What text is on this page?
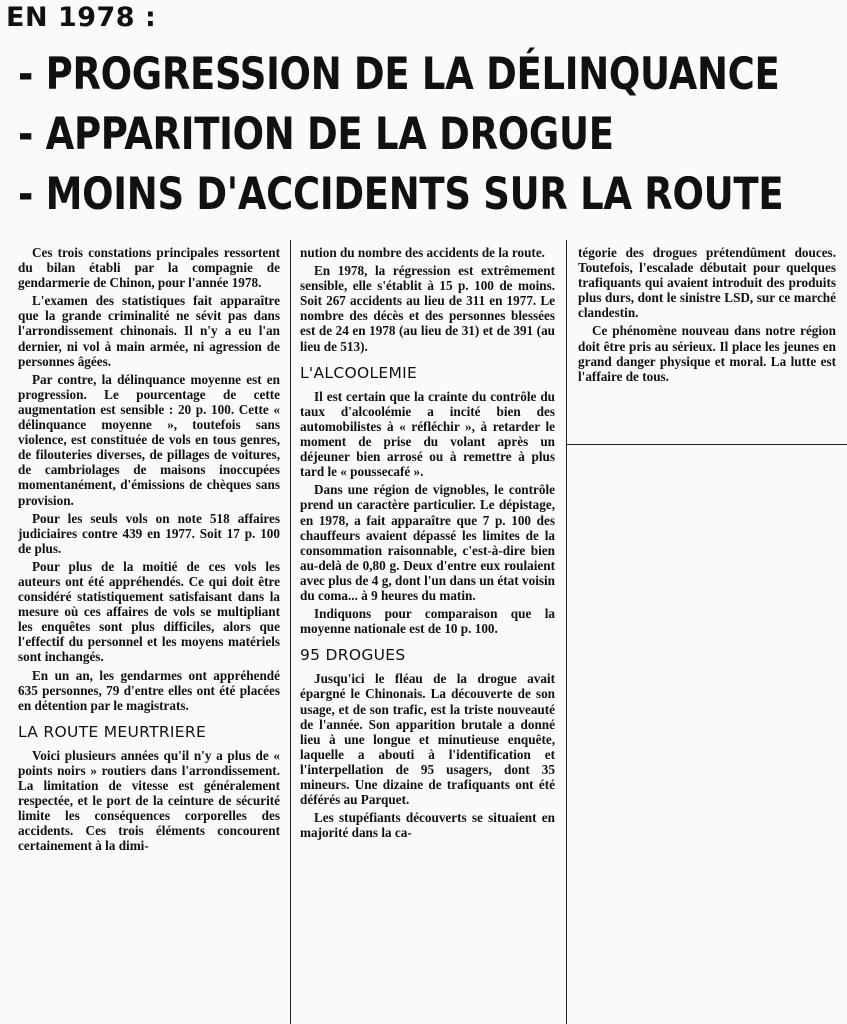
EN 1978 :
- PROGRESSION DE LA DÉLINQUANCE
- APPARITION DE LA DROGUE
- MOINS D'ACCIDENTS SUR LA ROUTE

Ces trois constations principales ressortent du bilan établi par la compagnie de gendarmerie de Chinon, pour l'année 1978.

L'examen des statistiques fait apparaître que la grande criminalité ne sévit pas dans l'arrondissement chinonais. Il n'y a eu l'an dernier, ni vol à main armée, ni agression de personnes âgées.

Par contre, la délinquance moyenne est en progression. Le pourcentage de cette augmentation est sensible : 20 p. 100. Cette « délinquance moyenne », toutefois sans violence, est constituée de vols en tous genres, de filouteries diverses, de pillages de voitures, de cambriolages de maisons inoccupées momentanément, d'émissions de chèques sans provision.

Pour les seuls vols on note 518 affaires judiciaires contre 439 en 1977. Soit 17 p. 100 de plus.

Pour plus de la moitié de ces vols les auteurs ont été appréhendés. Ce qui doit être considéré statistiquement satisfaisant dans la mesure où ces affaires de vols se multipliant les enquêtes sont plus difficiles, alors que l'effectif du personnel et les moyens matériels sont inchangés.

En un an, les gendarmes ont appréhendé 635 personnes, 79 d'entre elles ont été placées en détention par le magistrats.

LA ROUTE MEURTRIERE

Voici plusieurs années qu'il n'y a plus de « points noirs » routiers dans l'arrondissement. La limitation de vitesse est généralement respectée, et le port de la ceinture de sécurité limite les conséquences corporelles des accidents. Ces trois éléments concourent certainement à la dimi-

nution du nombre des accidents de la route.

En 1978, la régression est extrêmement sensible, elle s'établit à 15 p. 100 de moins. Soit 267 accidents au lieu de 311 en 1977. Le nombre des décès et des personnes blessées est de 24 en 1978 (au lieu de 31) et de 391 (au lieu de 513).

L'ALCOOLEMIE

Il est certain que la crainte du contrôle du taux d'alcoolémie a incité bien des automobilistes à « réfléchir », à retarder le moment de prise du volant après un déjeuner bien arrosé ou à remettre à plus tard le « poussecafé ».

Dans une région de vignobles, le contrôle prend un caractère particulier. Le dépistage, en 1978, a fait apparaître que 7 p. 100 des chauffeurs avaient dépassé les limites de la consommation raisonnable, c'est-à-dire bien au-delà de 0,80 g. Deux d'entre eux roulaient avec plus de 4 g, dont l'un dans un état voisin du coma... à 9 heures du matin.

Indiquons pour comparaison que la moyenne nationale est de 10 p. 100.

95 DROGUES

Jusqu'ici le fléau de la drogue avait épargné le Chinonais. La découverte de son usage, et de son trafic, est la triste nouveauté de l'année. Son apparition brutale a donné lieu à une longue et minutieuse enquête, laquelle a abouti à l'identification et l'interpellation de 95 usagers, dont 35 mineurs. Une dizaine de trafiquants ont été déférés au Parquet.

Les stupéfiants découverts se situaient en majorité dans la ca-

tégorie des drogues prétendûment douces. Toutefois, l'escalade débutait pour quelques trafiquants qui avaient introduit des produits plus durs, dont le sinistre LSD, sur ce marché clandestin.

Ce phénomène nouveau dans notre région doit être pris au sérieux. Il place les jeunes en grand danger physique et moral. La lutte est l'affaire de tous.
